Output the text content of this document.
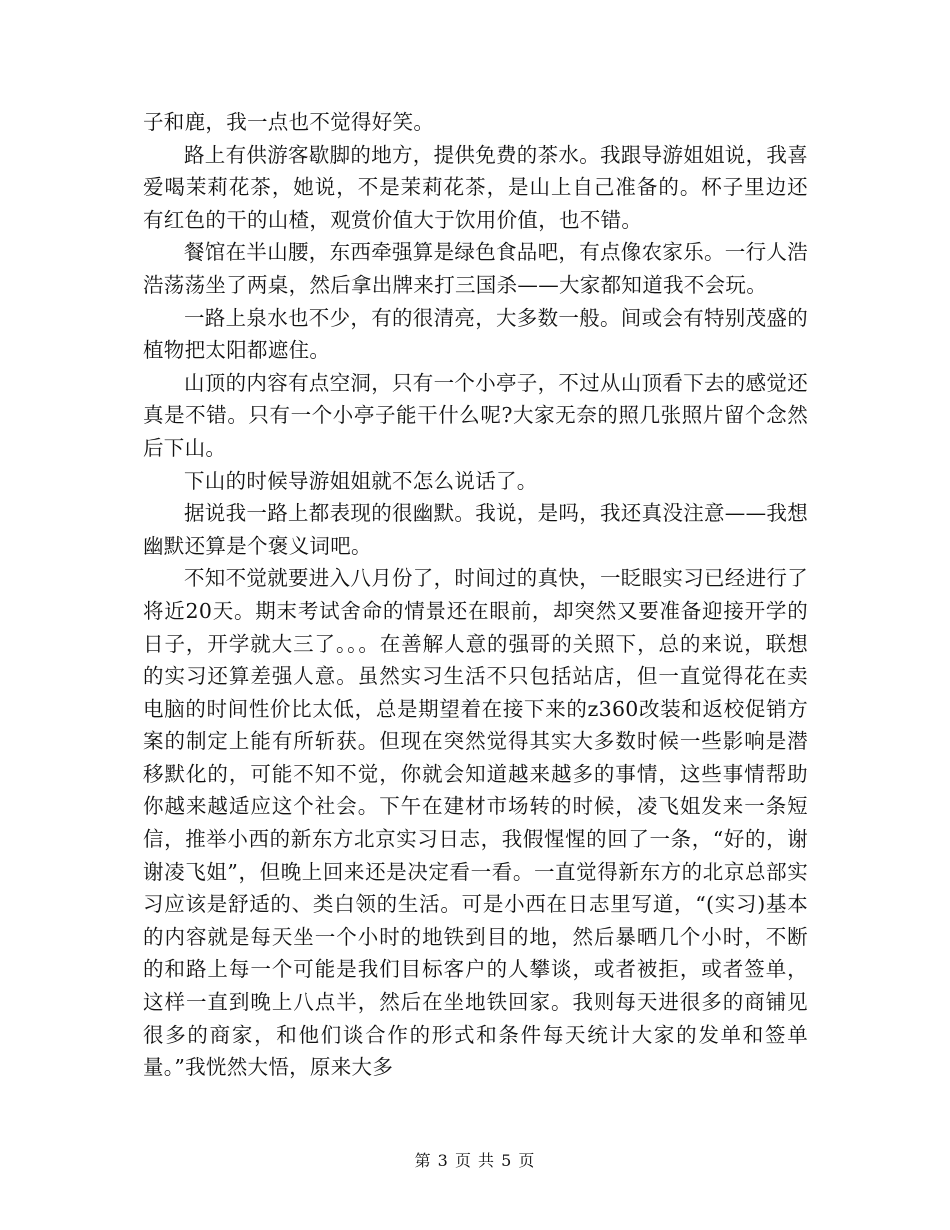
子和鹿，我一点也不觉得好笑。

路上有供游客歇脚的地方，提供免费的茶水。我跟导游姐姐说，我喜爱喝茉莉花茶，她说，不是茉莉花茶，是山上自己准备的。杯子里边还有红色的干的山楂，观赏价值大于饮用价值，也不错。

餐馆在半山腰，东西牵强算是绿色食品吧，有点像农家乐。一行人浩浩荡荡坐了两桌，然后拿出牌来打三国杀——大家都知道我不会玩。

一路上泉水也不少，有的很清亮，大多数一般。间或会有特别茂盛的植物把太阳都遮住。

山顶的内容有点空洞，只有一个小亭子，不过从山顶看下去的感觉还真是不错。只有一个小亭子能干什么呢?大家无奈的照几张照片留个念然后下山。

下山的时候导游姐姐就不怎么说话了。

据说我一路上都表现的很幽默。我说，是吗，我还真没注意——我想幽默还算是个褒义词吧。

不知不觉就要进入八月份了，时间过的真快，一眨眼实习已经进行了将近20天。期末考试舍命的情景还在眼前，却突然又要准备迎接开学的日子，开学就大三了。。。在善解人意的强哥的关照下，总的来说，联想的实习还算差强人意。虽然实习生活不只包括站店，但一直觉得花在卖电脑的时间性价比太低，总是期望着在接下来的z360改装和返校促销方案的制定上能有所斩获。但现在突然觉得其实大多数时候一些影响是潜移默化的，可能不知不觉，你就会知道越来越多的事情，这些事情帮助你越来越适应这个社会。下午在建材市场转的时候，凌飞姐发来一条短信，推举小西的新东方北京实习日志，我假惺惺的回了一条，“好的，谢谢凌飞姐”，但晚上回来还是决定看一看。一直觉得新东方的北京总部实习应该是舒适的、类白领的生活。可是小西在日志里写道，“(实习)基本的内容就是每天坐一个小时的地铁到目的地，然后暴晒几个小时，不断的和路上每一个可能是我们目标客户的人攀谈，或者被拒，或者签单，这样一直到晚上八点半，然后在坐地铁回家。我则每天进很多的商铺见很多的商家，和他们谈合作的形式和条件每天统计大家的发单和签单量。”我恍然大悟，原来大多

第 3 页 共 5 页
